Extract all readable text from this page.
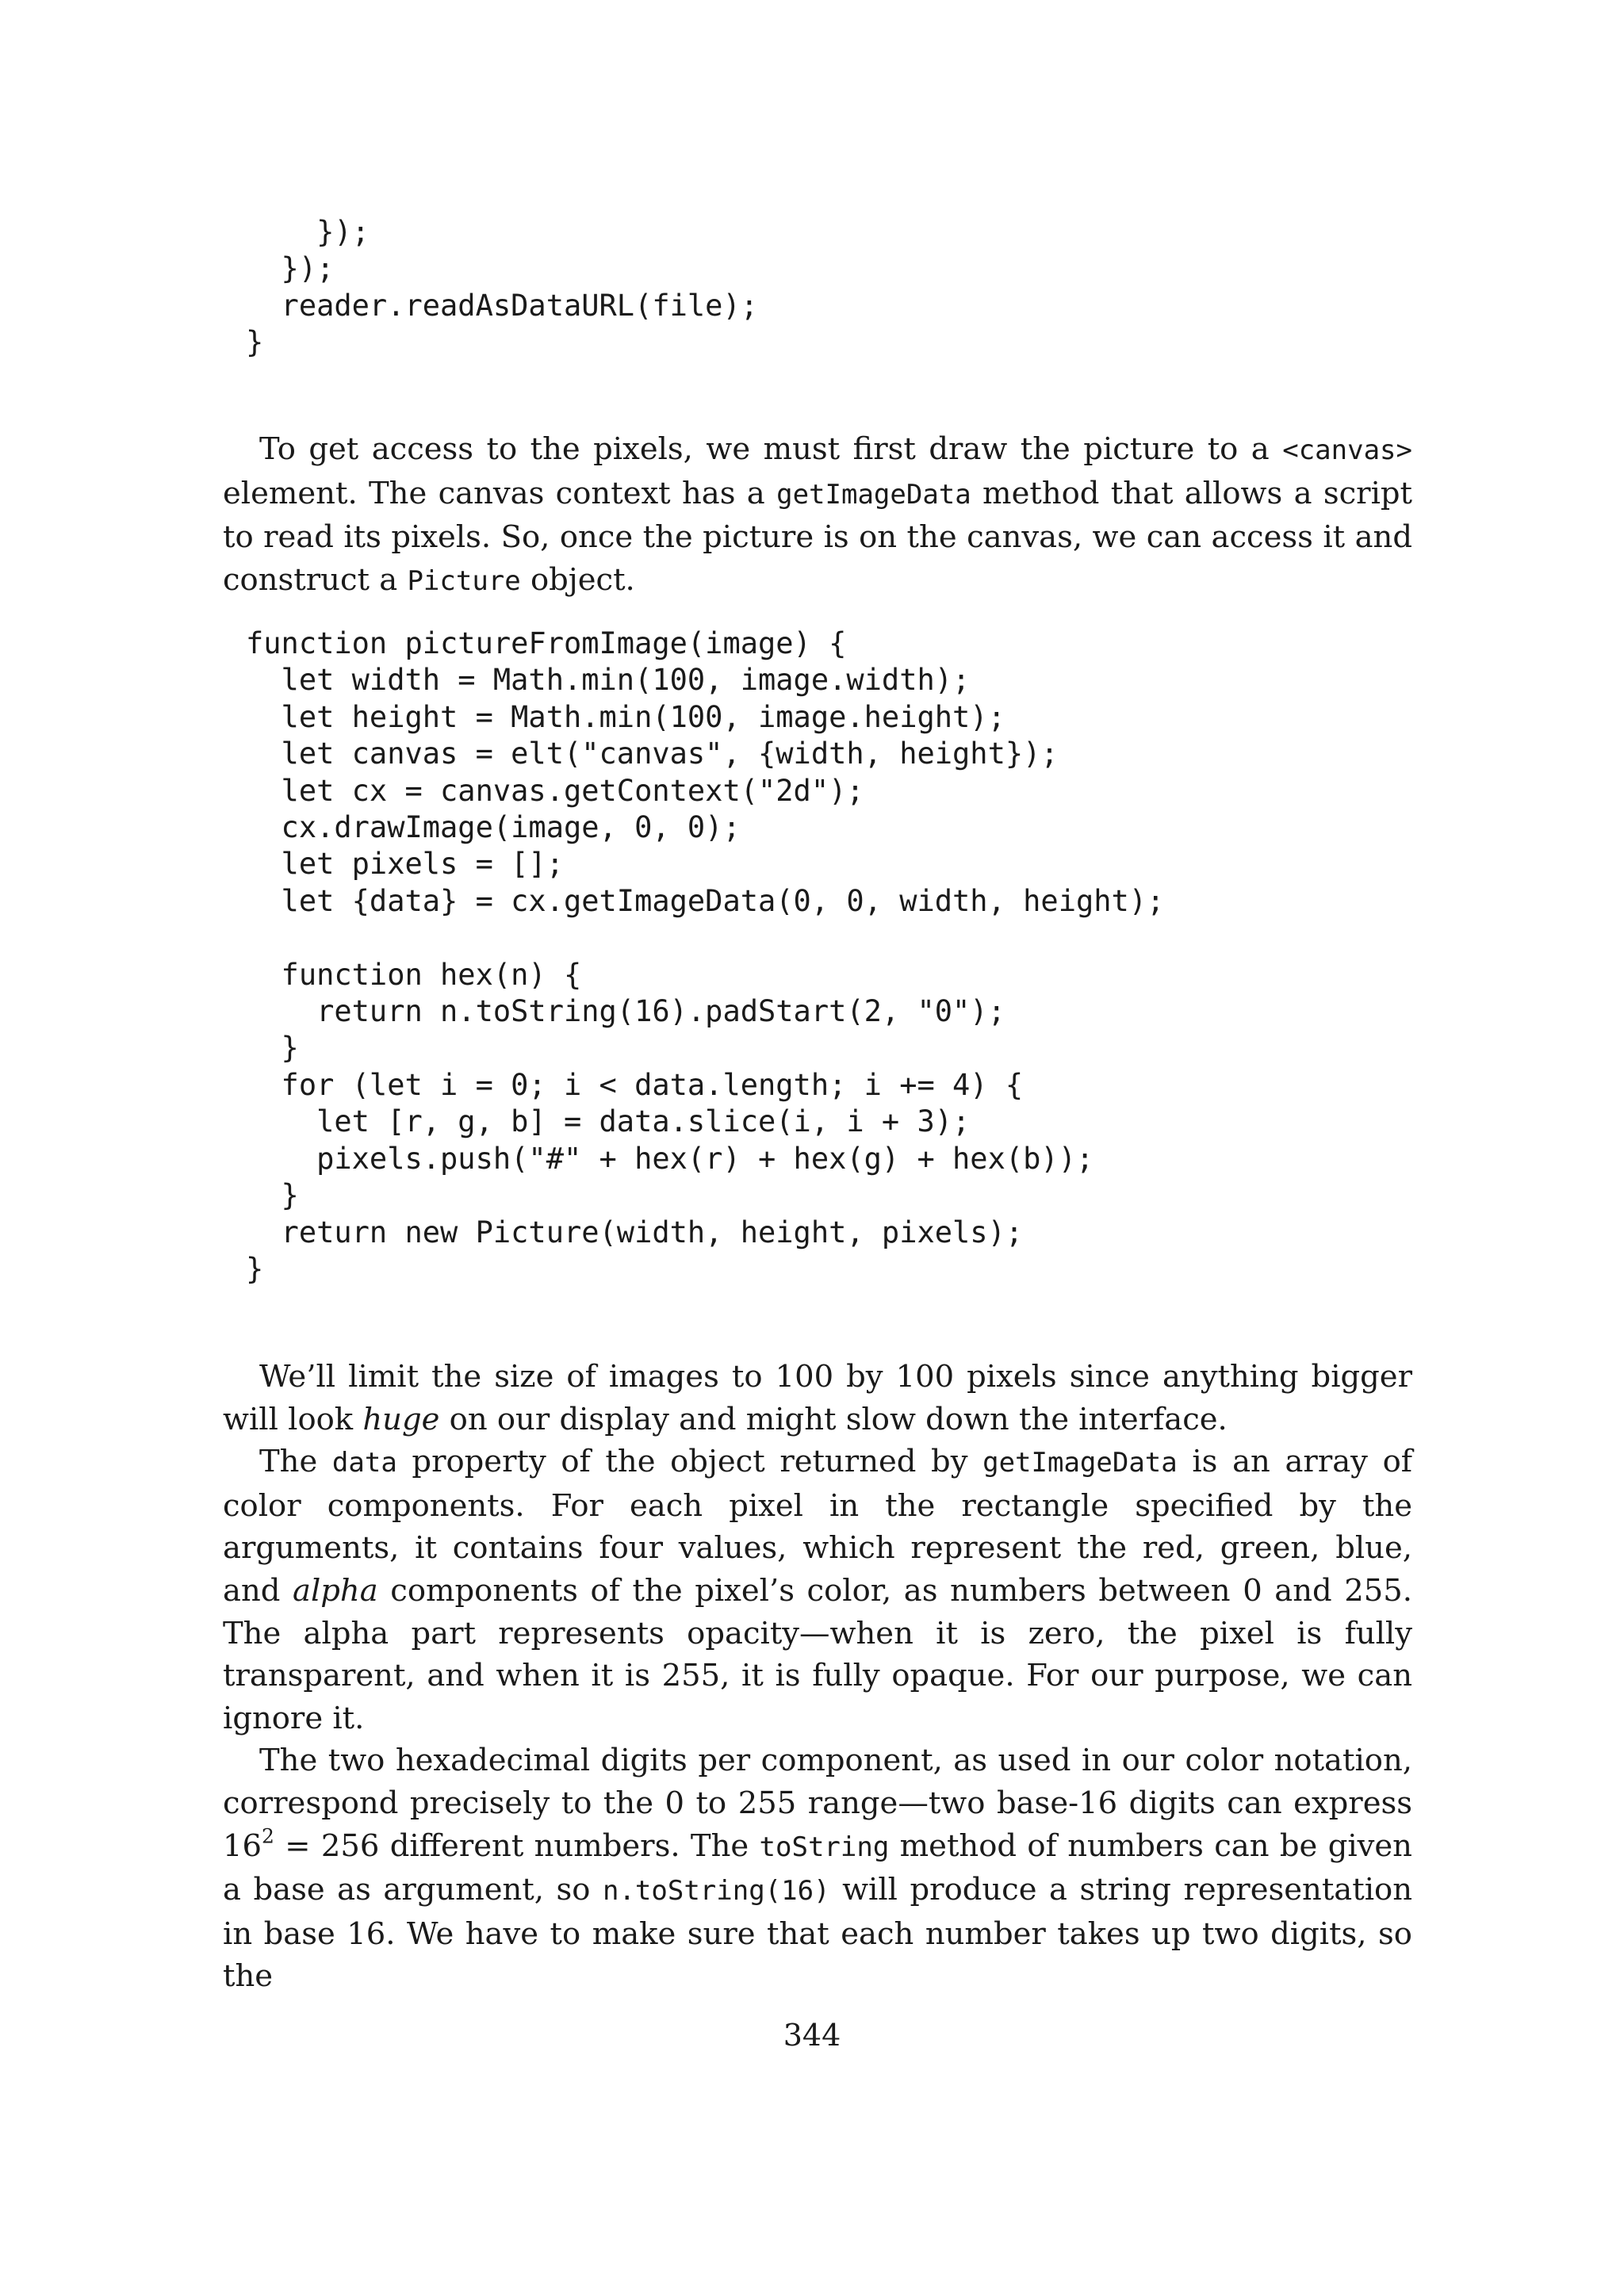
});
});
reader.readAsDataURL(file);
}

To get access to the pixels, we must first draw the picture to a <canvas> element. The canvas context has a getImageData method that allows a script to read its pixels. So, once the picture is on the canvas, we can access it and construct a Picture object.

function pictureFromImage(image) {
let width = Math.min(100, image.width);
let height = Math.min(100, image.height);
let canvas = elt("canvas", {width, height});
let cx = canvas.getContext("2d");
cx.drawImage(image, 0, 0);
let pixels = [];
let {data} = cx.getImageData(0, 0, width, height);

function hex(n) {
return n.toString(16).padStart(2, "0");
}
for (let i = 0; i < data.length; i += 4) {
let [r, g, b] = data.slice(i, i + 3);
pixels.push("#" + hex(r) + hex(g) + hex(b));
}
return new Picture(width, height, pixels);
}

We’ll limit the size of images to 100 by 100 pixels since anything bigger will look huge on our display and might slow down the interface.

The data property of the object returned by getImageData is an array of color components. For each pixel in the rectangle specified by the arguments, it contains four values, which represent the red, green, blue, and alpha components of the pixel’s color, as numbers between 0 and 255. The alpha part represents opacity—when it is zero, the pixel is fully transparent, and when it is 255, it is fully opaque. For our purpose, we can ignore it.

The two hexadecimal digits per component, as used in our color notation, correspond precisely to the 0 to 255 range—two base-16 digits can express $16^2 = 256$ different numbers. The toString method of numbers can be given a base as argument, so n.toString(16) will produce a string representation in base 16. We have to make sure that each number takes up two digits, so the

344
